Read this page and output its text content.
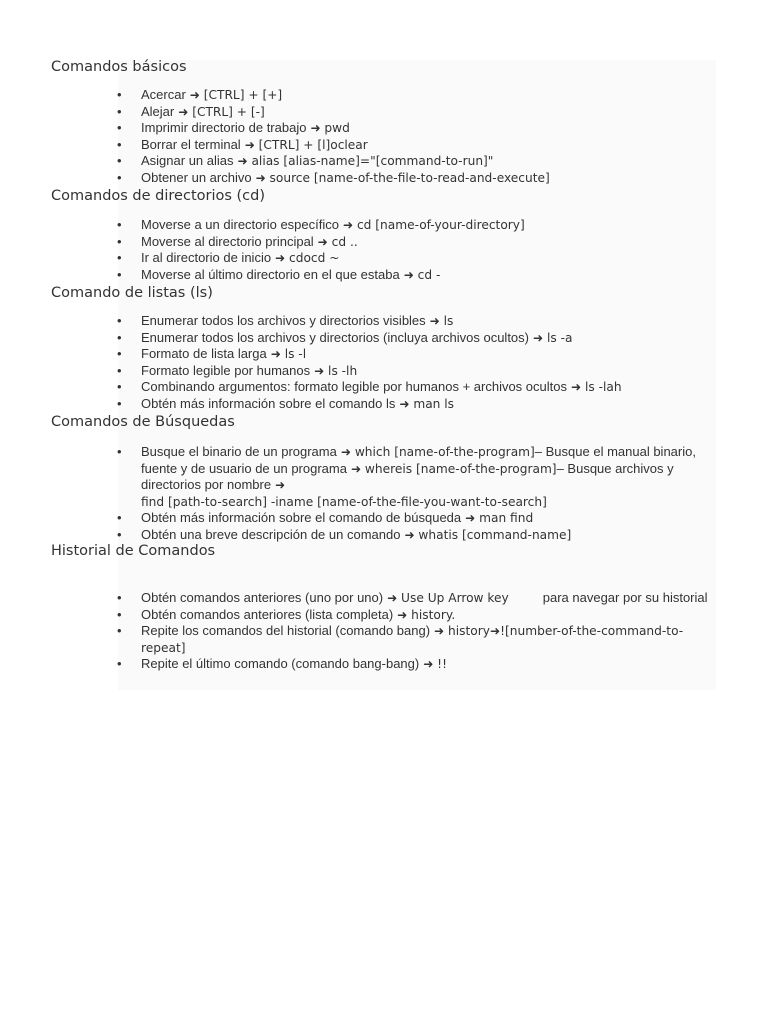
Comandos básicos
• Acercar ➜ [CTRL] + [+]
• Alejar ➜ [CTRL] + [-]
• Imprimir directorio de trabajo ➜ pwd
• Borrar el terminal ➜ [CTRL] + [l]oclear
• Asignar un alias ➜ alias [alias-name]="[command-to-run]"
• Obtener un archivo ➜ source [name-of-the-file-to-read-and-execute]
Comandos de directorios (cd)
• Moverse a un directorio específico ➜ cd [name-of-your-directory]
• Moverse al directorio principal ➜ cd ..
• Ir al directorio de inicio ➜ cdocd ~
• Moverse al último directorio en el que estaba ➜ cd -
Comando de listas (ls)
• Enumerar todos los archivos y directorios visibles ➜ ls
• Enumerar todos los archivos y directorios (incluya archivos ocultos) ➜ ls -a
• Formato de lista larga ➜ ls -l
• Formato legible por humanos ➜ ls -lh
• Combinando argumentos: formato legible por humanos + archivos ocultos ➜ ls -lah
• Obtén más información sobre el comando ls ➜ man ls
Comandos de Búsquedas
• Busque el binario de un programa ➜ which [name-of-the-program]– Busque el manual binario, fuente y de usuario de un programa ➜ whereis [name-of-the-program]– Busque archivos y directorios por nombre ➜
find [path-to-search] -iname [name-of-the-file-you-want-to-search]
• Obtén más información sobre el comando de búsqueda ➜ man find
• Obtén una breve descripción de un comando ➜ whatis [command-name]
Historial de Comandos
• Obtén comandos anteriores (uno por uno) ➜ Use Up Arrow key	para navegar por su historial
• Obtén comandos anteriores (lista completa) ➜ history.
• Repite los comandos del historial (comando bang) ➜ history➜![number-of-the-command-to-repeat]
• Repite el último comando (comando bang-bang) ➜ !!
